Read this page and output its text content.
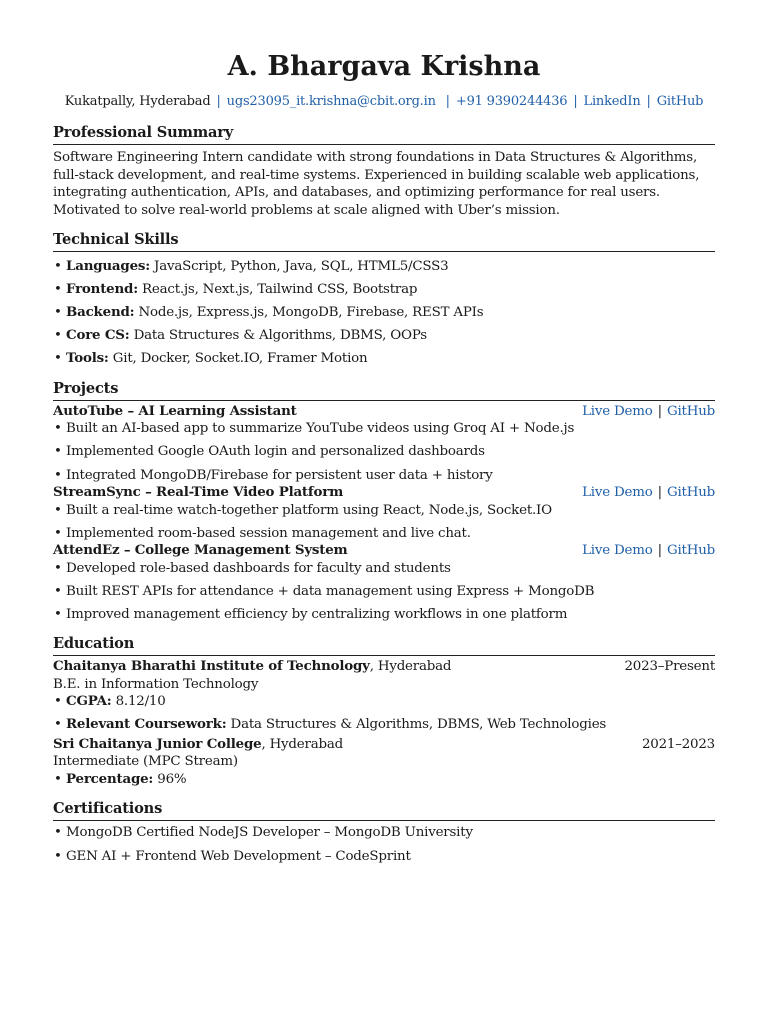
A. Bhargava Krishna
Kukatpally, Hyderabad | ugs23095_it.krishna@cbit.org.in | +91 9390244436 | LinkedIn | GitHub
Professional Summary
Software Engineering Intern candidate with strong foundations in Data Structures & Algorithms, full-stack development, and real-time systems. Experienced in building scalable web applications, integrating authentication, APIs, and databases, and optimizing performance for real users. Motivated to solve real-world problems at scale aligned with Uber’s mission.
Technical Skills
• Languages: JavaScript, Python, Java, SQL, HTML5/CSS3
• Frontend: React.js, Next.js, Tailwind CSS, Bootstrap
• Backend: Node.js, Express.js, MongoDB, Firebase, REST APIs
• Core CS: Data Structures & Algorithms, DBMS, OOPs
• Tools: Git, Docker, Socket.IO, Framer Motion
Projects
AutoTube – AI Learning Assistant	Live Demo | GitHub
• Built an AI-based app to summarize YouTube videos using Groq AI + Node.js
• Implemented Google OAuth login and personalized dashboards
• Integrated MongoDB/Firebase for persistent user data + history
StreamSync – Real-Time Video Platform	Live Demo | GitHub
• Built a real-time watch-together platform using React, Node.js, Socket.IO
• Implemented room-based session management and live chat.
AttendEz – College Management System	Live Demo | GitHub
• Developed role-based dashboards for faculty and students
• Built REST APIs for attendance + data management using Express + MongoDB
• Improved management efficiency by centralizing workflows in one platform
Education
Chaitanya Bharathi Institute of Technology, Hyderabad	2023–Present
B.E. in Information Technology
• CGPA: 8.12/10
• Relevant Coursework: Data Structures & Algorithms, DBMS, Web Technologies
Sri Chaitanya Junior College, Hyderabad	2021–2023
Intermediate (MPC Stream)
• Percentage: 96%
Certifications
• MongoDB Certified NodeJS Developer – MongoDB University
• GEN AI + Frontend Web Development – CodeSprint
